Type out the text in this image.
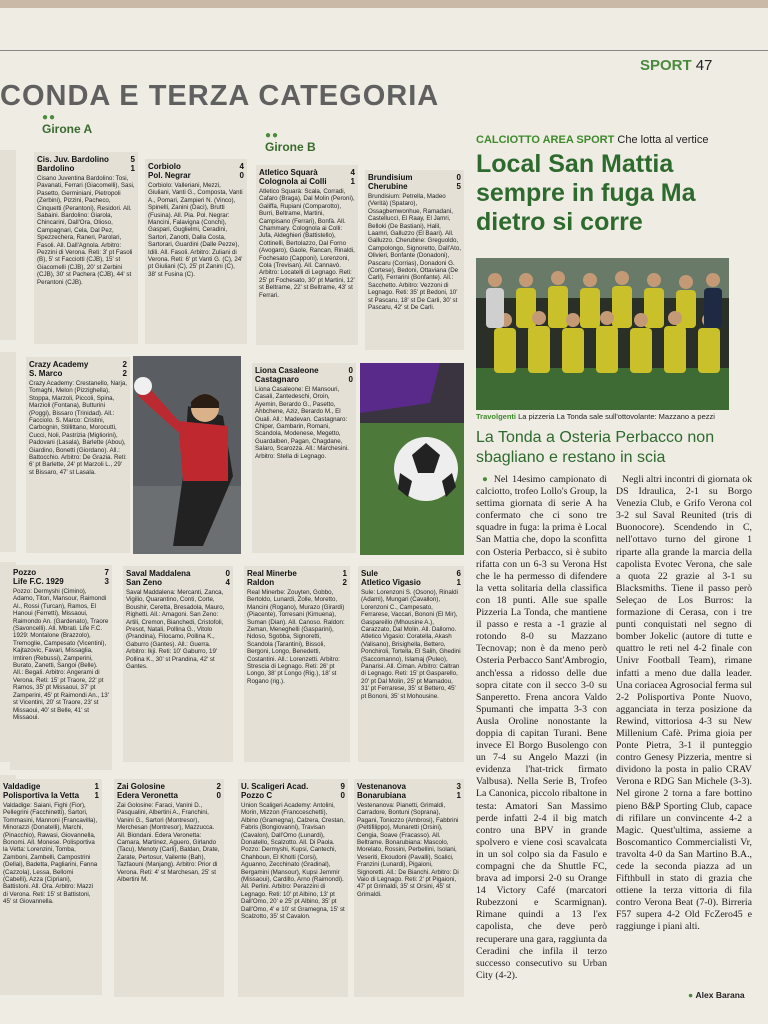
SPORT 47
CONDA E TERZA CATEGORIA
●●
Girone A	●●
Girone B
Cis. Juv. Bardolino	5
Bardolino	1
Cisano Juventina Bardolino: Tosi, Pavanati, Ferrari (Giacomelli), Sasi, Pasetto, Germiniani, Pietropoli (Zerbini), Pizzini, Pacheco, Cinquetti (Perantoni), Residori. All. Sabaini. Bardolino: Giarola, Chincarini, Dall'Ora, Olioso, Campagnari, Cela, Dal Pez, Spezzechera, Raneri, Parolari, Fasoli. All. Dall'Agnola. Arbitro: Pezzini di Verona. Reti: 3' pt Fasoli (B), 5' st Facciotti (CJB), 15' st Giacomelli (CJB), 20' st Zerbini (CJB), 30' st Pachera (CJB), 44' st Perantoni (CJB).
Corbiolo	4
Pol. Negrar	0
Corbiolo: Valleriani, Mezzi, Giuliani, Vanti G., Composta, Vanti A., Pomari, Zampieri N. (Vinco), Spinelli, Zanini (Dacì), Brutti (Fusina). All. Pia. Pol. Negrar: Mancini, Falavigna (Conchi), Gaspari, Guglielmi, Ceradini, Sartori, Zanotti, Dalla Costa, Sartorari, Guardini (Dalle Pezze), Idili. All. Fasoli. Arbitro: Zuliani di Verona. Reti: 6' pt Vanti G. (C), 24' pt Giuliani (C), 25' pt Zanini (C), 38' st Fusina (C).
Atletico Squarà	4
Colognola ai Colli	1
Atletico Squarà: Scala, Corradi, Cafaro (Braga), Dal Molin (Peroni), Galiffa, Rupiani (Comparotto), Burri, Beltrame, Martini, Campisano (Ferrari), Bonfà. All. Chammary. Colognola ai Colli: Jufa, Aldeghieri (Battistello), Cottinelli, Bertolazzo, Dal Forno (Avogaro), Gaole, Rancan, Rinaldi, Fochesato (Capponi), Lorenzoni, Cola (Trevisan). All. Cannavò. Arbitro: Locatelli di Legnago. Reti: 25' pt Fochesato, 30' pt Martini, 12' st Beltrame, 22' st Beltrame, 43' st Ferrari.
Brundisium	0
Cherubine	5
Brundisium: Petrella, Madeo (Verità) (Spataro), Ossagbemwonhue, Ramadani, Castelluccì, El Raay, El Jamri, Belloki (De Bastiani), Halil, Laamri, Galluzzo (El Baari). All. Galluzzo. Cherubine: Greguoldo, Campolongo, Signoretto, Dall'Ato, Olivieri, Bonfante (Donadoni), Pascaru (Corrias), Donadoni G. (Cortese), Bedoni, Ottaviana (De Carli), Ferrarini (Bonfante). All.: Sacchetto. Arbitro: Vezzoni di Legnago. Reti: 35' pt Bedoni, 10' st Pascaru, 18' st De Carli, 30' st Pascaru, 42' st De Carli.
Crazy Academy	2
S. Marco	2
Crazy Academy: Crestanello, Narja, Tomaghi, Melon (Pizzighella), Stoppa, Marzoli, Piccoli, Spina, Marzioli (Fontana), Butturini (Poggi), Bissaro (Trinidad). All.: Facciolo. S. Marco: Cristini, Carbognin, Stillittano, Morocutti, Cucci, Noli, Pastrizia (Migliorini), Padovani (Lasala), Barlette (Abou), Giardino, Bonetti (Giordano). All.: Battocchio. Arbitro: De Grazia. Reti: 6' pt Barlette, 24' pt Marzoli L., 29' st Bissaro, 47' st Lasala.
Liona Casaleone	0
Castagnaro	0
Liona Casaleone: El Mansouri, Casali, Zantedeschi, Oroin, Ayemin, Berardo G., Pasetto, Ahbchene, Aziz, Berardo M., El Ouali. All.: Madevan. Castagnaro: Chiper, Gambarin, Romani, Scandola, Modenese, Megetto, Guardalben, Pagan, Chagdane, Salaro, Scarozza. All.: Marchesini. Arbitro: Stella di Legnago.
Pozzo	7
Life F.C. 1929	3
Pozzo: Dermyshi (Cimino), Adamo, Titon, Mansour, Raimondi Al., Rossi (Turcan), Ramos, El Hanoui (Ferretti), Missaoui, Raimondo An. (Gardenato), Traore (Savoncelli). All. Mbrati. Life F.C. 1929: Montalone (Brazzolo), Tremoglie, Campesato (Vicentini), Kajtazovic, Favari, Missaglia, Imtiren (Rebussi), Zamperini, Burato, Zanetti, Sangoi (Belle). All.: Begali. Arbitro: Angerami di Verona. Reti: 15' pt Traore, 22' pt Ramos, 35' pt Missaoui, 37' pt Zamperini, 45' pt Raimondi An., 13' st Vicentini, 20' st Traore, 23' st Missaoui, 40' st Belle, 41' st Missaoui.
Saval Maddalena	0
San Zeno	4
Saval Maddalena: Mercanti, Zanca, Vigilio, Quarantino, Conti, Corte, Boushir, Ceretta, Bresadola, Mauro, Righetti. All.: Amagoni. San Zeno: Artili, Cremon, Bianchedi, Cristofoli, Presot, Natali, Pollina G., Vitolo (Prandina), Filocamo, Pollina K., Gaburro (Gantes). All.: Guerra. Arbitro: Ikji. Reti: 10' Gaburro, 19' Pollina K., 30' st Prandina, 42' st Gantes.
Real Minerbe	1
Raldon	2
Real Minerbe: Zouyten, Gobbo, Bertoldo, Lunardi, Zolle, Moretto, Mancini (Rogano), Murazo (Girardi) (Piacente), Torresani (Kimuena), Suman (Dian). All. Canoso. Raldon: Zeman, Meneghelli (Gasparini), Ndoso, Sgobba, Signoretti, Scandola (Tarantini), Bissoli, Bergoni, Longo, Benedetti, Costantini. All.: Lorenzetti. Arbitro: Strescia di Legnago. Reti: 26' pt Longo, 38' pt Longo (Rig.), 18' st Rogano (rig.).
Sule	6
Atletico Vigasio	1
Sule: Lorenzoni S. (Osono), Rinaldi (Adami), Mungari (Cavallon), Lorenzoni C., Campesato, Ferrarese, Vaccari, Bononi (El Mir), Gaspareillo (Mhousine A.), Carazzato, Dal Molin. All. Dallomo. Atletico Vigasio: Coratella, Akash (Valisano), Brisighella, Bettero, Ponchiroli, Tortella, El Salih, Ghedini (Saccomanno), Islamaj (Puleo), Panarisi. All. Ciman. Arbitro: Caltran di Legnago. Reti: 15' pt Gasparello, 20' pt Dal Molin, 25' pt Mamadou, 31' pt Ferrarese, 35' st Bettero, 45' pt Bononi, 35' st Mohousine.
Valdadige	1
Polisportiva la Vetta 1
Valdadige: Saiani, Fighi (Fior), Pellegrini (Facchinetti), Sartori, Tommasini, Mannoni (Francavilla), Minorazzi (Donatelli), Marchi, (Pinacchio), Rawasi, Giovannella, Bonomi. All. Monese. Polisportiva la Vetta: Lorenzini, Tomba, Zamboni, Zambelli, Campostrini (Dellai), Badetta, Pagliarini, Fanna (Cazzola), Lessa, Bellomi (Cabelli), Azza (Cipriani), Battistoni. All. Ora. Arbitro: Mazzi di Verona. Reti: 15' st Battistoni, 45' st Giovannella.
Zai Golosine	2
Edera Veronetta	0
Zai Golosine: Faraci, Vanini D., Pasqualini, Albertini A., Franchini, Vanini G., Sartori (Montresor), Merchesan (Montresor), Mazzucca. All. Biondani. Edera Veronetta: Camara, Martinez, Aguero, Girlando (Tacu), Menoty (Carli), Baldan, Drate, Zarate, Pertosur, Vailente (Bah), Tazfaouni (Manjang). Arbitro: Prior di Verona. Reti: 4' st Marchesan, 25' st Albertini M.
U. Scaligeri Acad.	9
Pozzo C	0
Union Scaligeri Academy: Antolini, Morin, Mizzon (Francceschetti), Albino (Gramegna), Calzera, Crestan, Fabris (Bongiovanni), Travisan (Cavalon), Dall'Omo (Lunardi), Donatello, Scalzotto. All. Di Paola. Pozzo: Dermyshi, Kupsi, Cantechi, Chahboun, El Kholti (Corsi), Aguanno, Zecchinato (Gradinal), Bergamini (Mansour), Kupsi Jemmir (Missaoui), Cardillo, Arno (Raimondi). All. Perlini. Arbitro: Perazzini di Legnago. Reti: 10' pt Albino, 13' pt Dall'Omo, 20' e 25' pt Albino, 35' pt Dall'Omo, 4' e 10' st Gramegna, 15' st Scalzotto, 35' st Cavalon.
Vestenanova	3
Bonarubiana	1
Vestenanova: Pianetti, Grimaldi, Carradore, Bontuni (Soprana), Pagani, Toniozzo (Ambrosi), Fabbrini (Pettifilippo), Munaretti (Orsini), Cengia, Soave (Fracasso). All. Beltrame. Bonarubiana: Mascolo, Morelato, Rossini, Perbellini, Isolani, Veseriti, Ekoudoni (Pavalli), Scalici, Franzini (Lunardi), Pigaioni, Signoretti. All.: De Bianchi. Arbitro: Di Vaio di Legnago. Reti: 2' pt Pigaioni, 47' pt Grimaldi, 35' st Orsini, 45' st Grimaldi.
CALCIOTTO AREA SPORT Che lotta al vertice
Local San Mattia sempre in fuga Ma dietro si corre
Travolgenti La pizzeria La Tonda sale sull'ottovolante: Mazzano a pezzi
La Tonda a Osteria Perbacco non sbagliano e restano in scia

● Nel 14esimo campionato di calciotto, trofeo Lollo's Group, la settima giornata di serie A ha confermato che ci sono tre squadre in fuga: la prima è Local San Mattia che, dopo la sconfitta con Osteria Perbacco, si è subito rifatta con un 6-3 su Verona Hst che le ha permesso di difendere la vetta solitaria della classifica con 18 punti. Alle sue spalle Pizzeria La Tonda, che mantiene il passo e resta a -1 grazie al rotondo 8-0 su Mazzano Tecnovap; non è da meno però Osteria Perbacco Sant'Ambrogio, anch'essa a ridosso delle due sopra citate con il secco 3-0 su Sanperetto. Frena ancora Valdo Spumanti che impatta 3-3 con Ausla Oroline nonostante la doppia di capitan Turani. Bene invece El Borgo Busolengo con un 7-4 su Angelo Mazzi (in evidenza l'hat-trick firmato Valbusa). Nella Serie B, Trofeo La Canonica, piccolo ribaltone in testa: Amatori San Massimo perde infatti 2-4 il big match contro una BPV in grande spolvero e viene così scavalcata in un sol colpo sia da Fasulo e compagni che da Shuttle FC, brava ad imporsi 2-0 su Orange 14 Victory Café (marcatori Rubezzoni e Scarmignan). Rimane quindi a 13 l'ex capolista, che deve però recuperare una gara, raggiunta da Ceradini che infila il terzo successo consecutivo su Urban City (4-2).

Negli altri incontri di giornata ok DS Idraulica, 2-1 su Borgo Venezia Club, e Grifo Verona col 3-2 sul Saval Reunited (tris di Buonocore). Scendendo in C, nell'ottavo turno del girone 1 riparte alla grande la marcia della capolista Evotec Verona, che sale a quota 22 grazie al 3-1 su Blacksmiths. Tiene il passo però Seleçao de Los Burros: la formazione di Cerasa, con i tre punti conquistati nel segno di bomber Jokelic (autore di tutte e quattro le reti nel 4-2 finale con Univr Football Team), rimane infatti a meno due dalla leader. Una coriacea Agrosocial ferma sul 2-2 Polisportiva Ponte Nuovo, agganciata in terza posizione da Rewind, vittoriosa 4-3 su New Millenium Cafè. Prima gioia per Ponte Pietra, 3-1 il punteggio contro Genesy Pizzeria, mentre si dividono la posta in palio CRAV Verona e RDG San Michele (3-3). Nel girone 2 torna a fare bottino pieno B&P Sporting Club, capace di rifilare un convincente 4-2 a Magic. Quest'ultima, assieme a Boscomantico Commercialisti Vr, travolta 4-0 da San Martino B.A., cede la seconda piazza ad un Fifthbull in stato di grazia che ottiene la terza vittoria di fila contro Verona Beat (7-0). Birreria F57 supera 4-2 Old FcZero45 e raggiunge i piani alti.

● Alex Barana
